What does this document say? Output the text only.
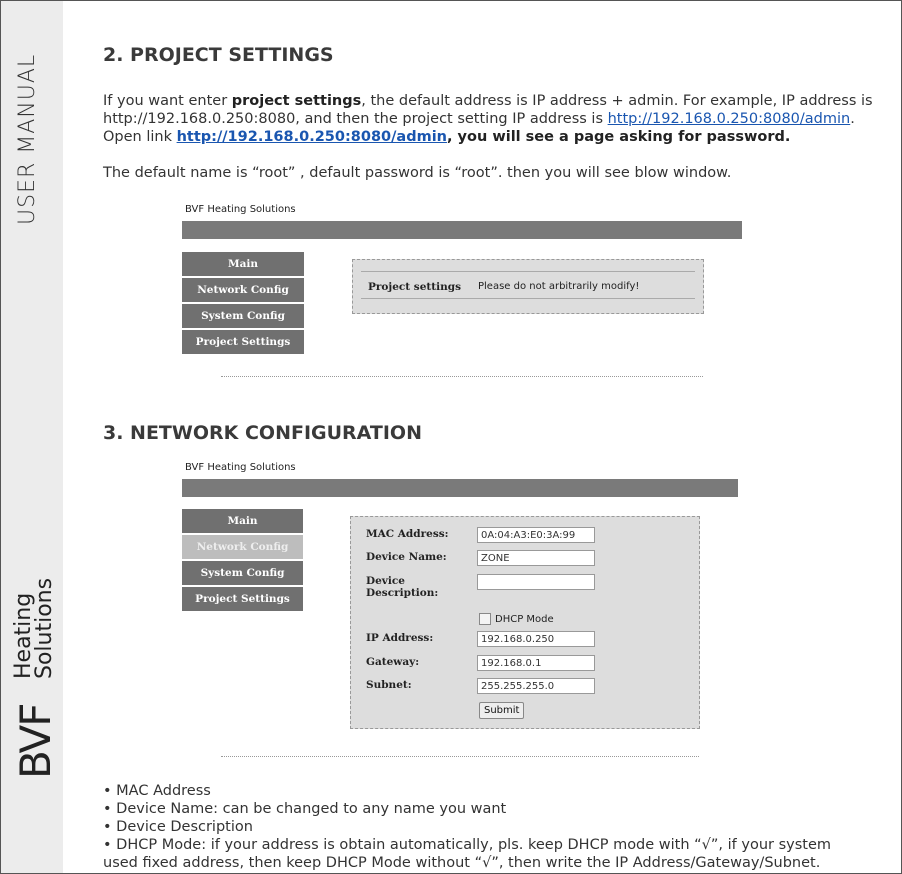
USER MANUAL
BVF
Heating
Solutions
2. PROJECT SETTINGS
If you want enter project settings, the default address is IP address + admin. For example, IP address is
http://192.168.0.250:8080, and then the project setting IP address is http://192.168.0.250:8080/admin.
Open link http://192.168.0.250:8080/admin, you will see a page asking for password.
The default name is “root” , default password is “root”. then you will see blow window.
BVF Heating Solutions
Main
Network Config
System Config
Project Settings
Project settings Please do not arbitrarily modify!
3. NETWORK CONFIGURATION
BVF Heating Solutions
Main
Network Config
System Config
Project Settings
MAC Address:	0A:04:A3:E0:3A:99
Device Name:	ZONE
Device
Description:
DHCP Mode
IP Address:	192.168.0.250
Gateway:	192.168.0.1
Subnet:	255.255.255.0
Submit
• MAC Address
• Device Name: can be changed to any name you want
• Device Description
• DHCP Mode: if your address is obtain automatically, pls. keep DHCP mode with “√”, if your system
used fixed address, then keep DHCP Mode without “√”, then write the IP Address/Gateway/Subnet.
